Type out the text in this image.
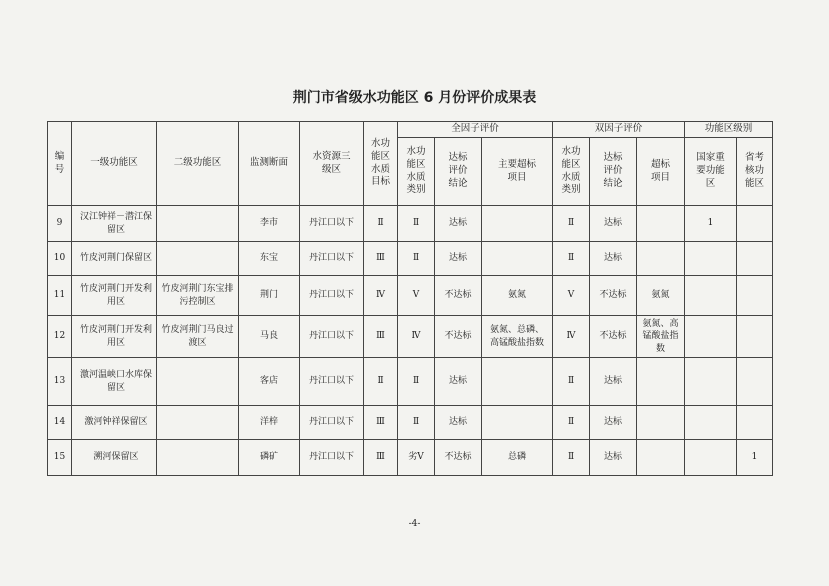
荆门市省级水功能区 6 月份评价成果表
编号	一级功能区	二级功能区	监测断面	水资源三级区	水功能区水质目标	全因子评价			双因子评价			功能区级别	
						水功能区水质类别	达标评价结论	主要超标项目	水功能区水质类别	达标评价结论	超标项目	国家重要功能区	省考核功能区
9	汉江钟祥－潜江保留区		李市	丹江口以下	Ⅱ	Ⅱ	达标		Ⅱ	达标		1	
10	竹皮河荆门保留区		东宝	丹江口以下	Ⅲ	Ⅱ	达标		Ⅱ	达标			
11	竹皮河荆门开发利用区	竹皮河荆门东宝排污控制区	荆门	丹江口以下	Ⅳ	Ⅴ	不达标	氨氮	Ⅴ	不达标	氨氮		
12	竹皮河荆门开发利用区	竹皮河荆门马良过渡区	马良	丹江口以下	Ⅲ	Ⅳ	不达标	氨氮、总磷、高锰酸盐指数	Ⅳ	不达标	氨氮、高锰酸盐指数		
13	激河温峡口水库保留区		客店	丹江口以下	Ⅱ	Ⅱ	达标		Ⅱ	达标			
14	激河钟祥保留区		洋梓	丹江口以下	Ⅲ	Ⅱ	达标		Ⅱ	达标			
15	溯河保留区		磷矿	丹江口以下	Ⅲ	劣Ⅴ	不达标	总磷	Ⅱ	达标			1
-4-
